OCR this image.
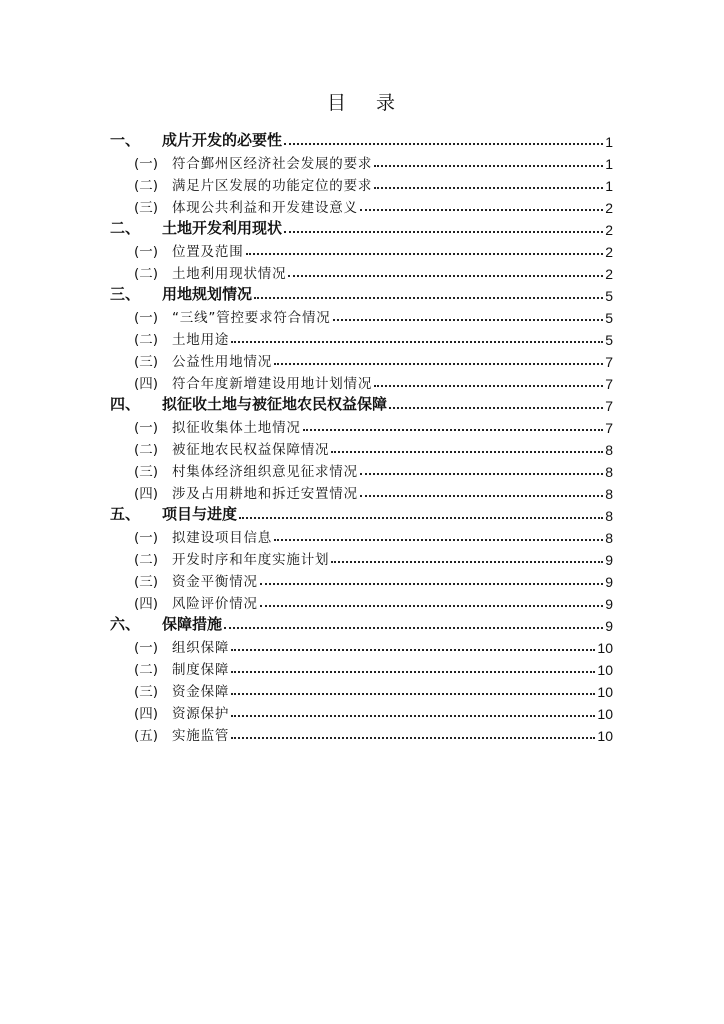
目 录
一、	成片开发的必要性	1
(一)	符合鄞州区经济社会发展的要求	1
(二)	满足片区发展的功能定位的要求	1
(三)	体现公共利益和开发建设意义	2
二、	土地开发利用现状	2
(一)	位置及范围	2
(二)	土地利用现状情况	2
三、	用地规划情况	5
(一)	“三线”管控要求符合情况	5
(二)	土地用途	5
(三)	公益性用地情况	7
(四)	符合年度新增建设用地计划情况	7
四、	拟征收土地与被征地农民权益保障	7
(一)	拟征收集体土地情况	7
(二)	被征地农民权益保障情况	8
(三)	村集体经济组织意见征求情况	8
(四)	涉及占用耕地和拆迁安置情况	8
五、	项目与进度	8
(一)	拟建设项目信息	8
(二)	开发时序和年度实施计划	9
(三)	资金平衡情况	9
(四)	风险评价情况	9
六、	保障措施	9
(一)	组织保障	10
(二)	制度保障	10
(三)	资金保障	10
(四)	资源保护	10
(五)	实施监管	10
